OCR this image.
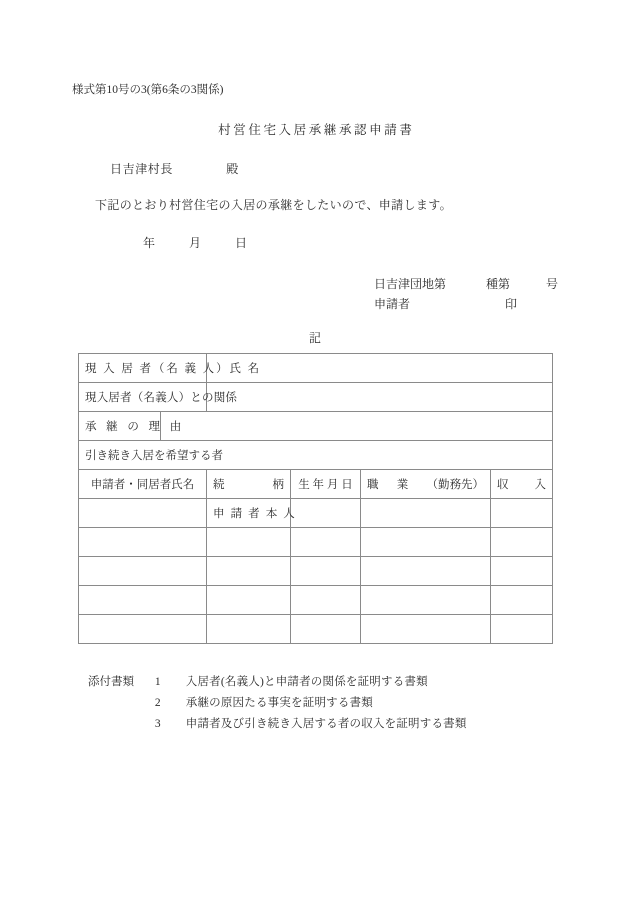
様式第10号の3(第6条の3関係)
村営住宅入居承継承認申請書
日吉津村長	殿
下記のとおり村営住宅の入居の承継をしたいので、申請します。
年	月	日
日吉津団地第	種第	号
申請者	印
記
現 入 居 者（名 義 人）氏 名					
現入居者（名義人）との関係					
承 継 の 理 由					
引き続き入居を希望する者					
申請者・同居者氏名		続 柄	生 年 月 日	職 業 （勤務先）	収 入

		申 請 者 本 人			

添付書類 1 入居者(名義人)と申請者の関係を証明する書類
2 承継の原因たる事実を証明する書類
3 申請者及び引き続き入居する者の収入を証明する書類
